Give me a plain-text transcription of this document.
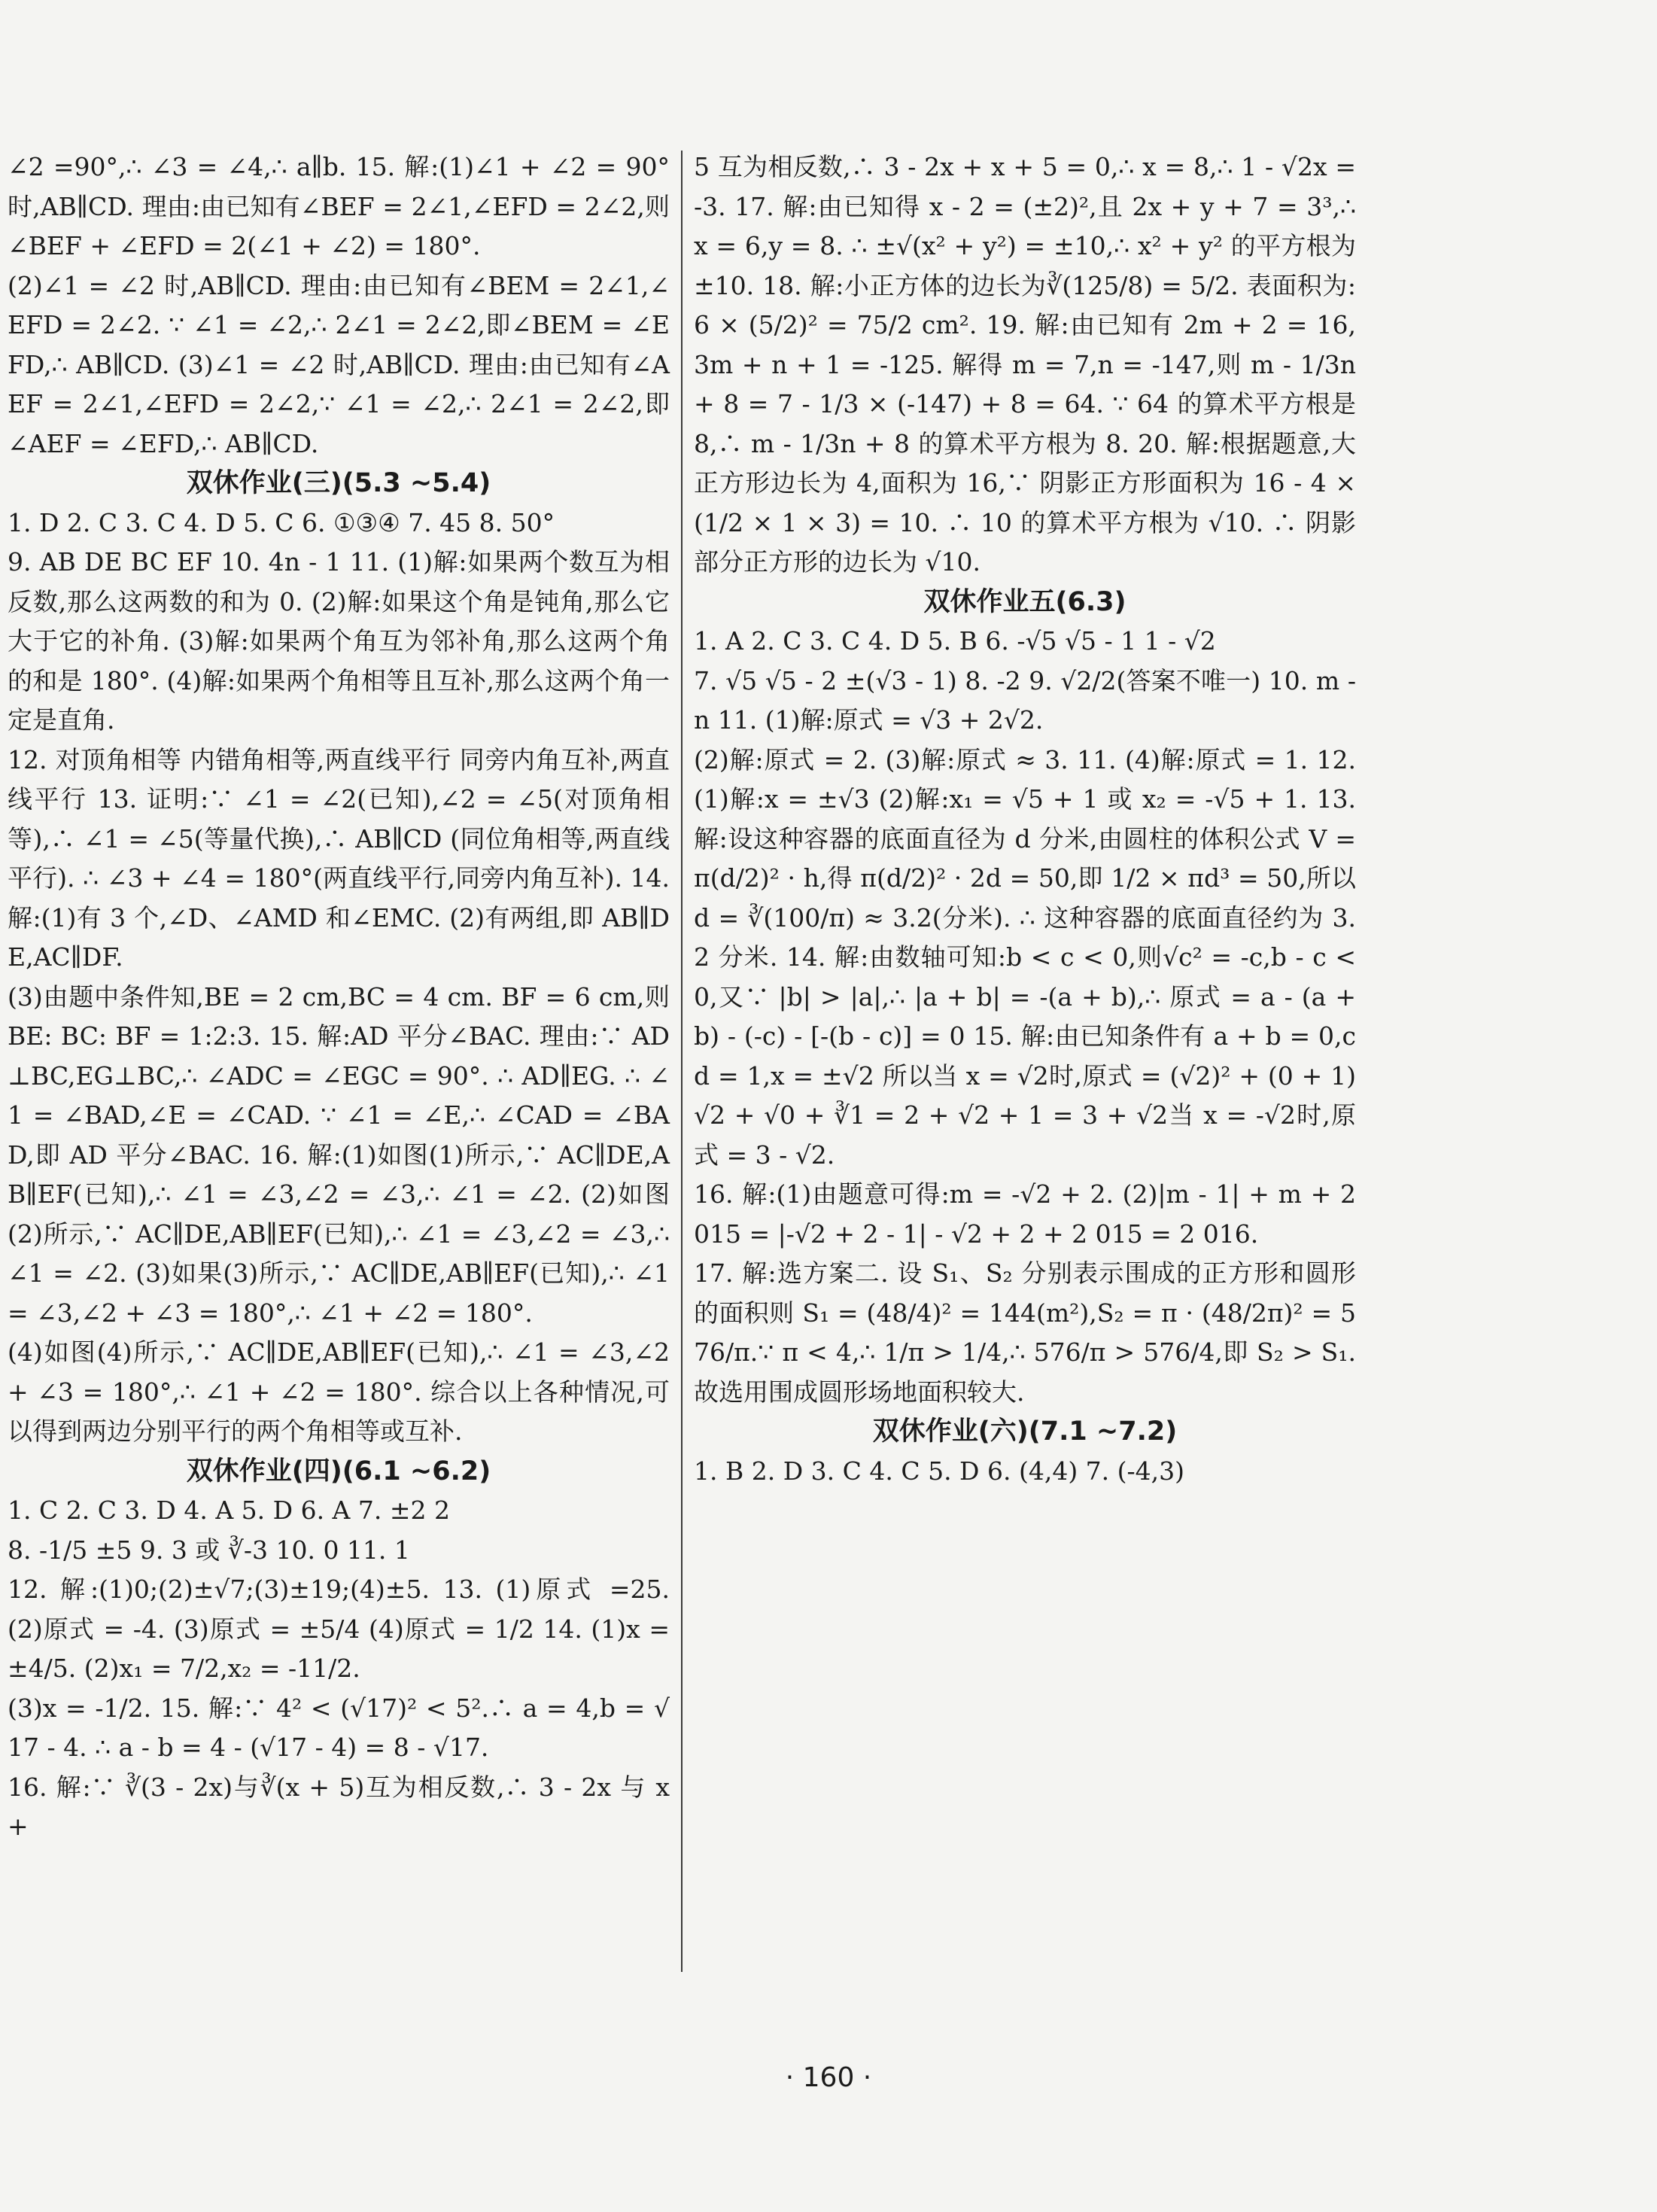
∠2 =90°,∴ ∠3 = ∠4,∴ a∥b. 15. 解:(1)∠1 + ∠2 = 90°时,AB∥CD. 理由:由已知有∠BEF = 2∠1,∠EFD = 2∠2,则∠BEF + ∠EFD = 2(∠1 + ∠2) = 180°.

(2)∠1 = ∠2 时,AB∥CD. 理由:由已知有∠BEM = 2∠1,∠EFD = 2∠2. ∵ ∠1 = ∠2,∴ 2∠1 = 2∠2,即∠BEM = ∠EFD,∴ AB∥CD. (3)∠1 = ∠2 时,AB∥CD. 理由:由已知有∠AEF = 2∠1,∠EFD = 2∠2,∵ ∠1 = ∠2,∴ 2∠1 = 2∠2,即∠AEF = ∠EFD,∴ AB∥CD.

双休作业(三)(5.3 ~5.4)

1. D 2. C 3. C 4. D 5. C 6. ①③④ 7. 45 8. 50°

9. AB DE BC EF 10. 4n - 1 11. (1)解:如果两个数互为相反数,那么这两数的和为 0. (2)解:如果这个角是钝角,那么它大于它的补角. (3)解:如果两个角互为邻补角,那么这两个角的和是 180°. (4)解:如果两个角相等且互补,那么这两个角一定是直角.

12. 对顶角相等 内错角相等,两直线平行 同旁内角互补,两直线平行 13. 证明:∵ ∠1 = ∠2(已知),∠2 = ∠5(对顶角相等),∴ ∠1 = ∠5(等量代换),∴ AB∥CD (同位角相等,两直线平行). ∴ ∠3 + ∠4 = 180°(两直线平行,同旁内角互补). 14. 解:(1)有 3 个,∠D、∠AMD 和∠EMC. (2)有两组,即 AB∥DE,AC∥DF.

(3)由题中条件知,BE = 2 cm,BC = 4 cm. BF = 6 cm,则 BE: BC: BF = 1:2:3. 15. 解:AD 平分∠BAC. 理由:∵ AD⊥BC,EG⊥BC,∴ ∠ADC = ∠EGC = 90°. ∴ AD∥EG. ∴ ∠1 = ∠BAD,∠E = ∠CAD. ∵ ∠1 = ∠E,∴ ∠CAD = ∠BAD,即 AD 平分∠BAC. 16. 解:(1)如图(1)所示,∵ AC∥DE,AB∥EF(已知),∴ ∠1 = ∠3,∠2 = ∠3,∴ ∠1 = ∠2. (2)如图(2)所示,∵ AC∥DE,AB∥EF(已知),∴ ∠1 = ∠3,∠2 = ∠3,∴ ∠1 = ∠2. (3)如果(3)所示,∵ AC∥DE,AB∥EF(已知),∴ ∠1 = ∠3,∠2 + ∠3 = 180°,∴ ∠1 + ∠2 = 180°.

(4)如图(4)所示,∵ AC∥DE,AB∥EF(已知),∴ ∠1 = ∠3,∠2 + ∠3 = 180°,∴ ∠1 + ∠2 = 180°. 综合以上各种情况,可以得到两边分别平行的两个角相等或互补.

双休作业(四)(6.1 ~6.2)

1. C 2. C 3. D 4. A 5. D 6. A 7. ±2 2

8. -1/5 ±5 9. 3 或 ∛-3 10. 0 11. 1

12. 解:(1)0;(2)±√7;(3)±19;(4)±5. 13. (1)原式 =25. (2)原式 = -4. (3)原式 = ±5/4 (4)原式 = 1/2 14. (1)x = ±4/5. (2)x₁ = 7/2,x₂ = -11/2.

(3)x = -1/2. 15. 解:∵ 4² < (√17)² < 5².∴ a = 4,b = √17 - 4. ∴ a - b = 4 - (√17 - 4) = 8 - √17.

16. 解:∵ ∛(3 - 2x)与∛(x + 5)互为相反数,∴ 3 - 2x 与 x +

5 互为相反数,∴ 3 - 2x + x + 5 = 0,∴ x = 8,∴ 1 - √2x = -3. 17. 解:由已知得 x - 2 = (±2)²,且 2x + y + 7 = 3³,∴ x = 6,y = 8. ∴ ±√(x² + y²) = ±10,∴ x² + y² 的平方根为±10. 18. 解:小正方体的边长为∛(125/8) = 5/2. 表面积为:6 × (5/2)² = 75/2 cm². 19. 解:由已知有 2m + 2 = 16, 3m + n + 1 = -125. 解得 m = 7,n = -147,则 m - 1/3n + 8 = 7 - 1/3 × (-147) + 8 = 64. ∵ 64 的算术平方根是 8,∴ m - 1/3n + 8 的算术平方根为 8. 20. 解:根据题意,大正方形边长为 4,面积为 16,∵ 阴影正方形面积为 16 - 4 × (1/2 × 1 × 3) = 10. ∴ 10 的算术平方根为 √10. ∴ 阴影部分正方形的边长为 √10.

双休作业五(6.3)

1. A 2. C 3. C 4. D 5. B 6. -√5 √5 - 1 1 - √2

7. √5 √5 - 2 ±(√3 - 1) 8. -2 9. √2/2(答案不唯一) 10. m - n 11. (1)解:原式 = √3 + 2√2.

(2)解:原式 = 2. (3)解:原式 ≈ 3. 11. (4)解:原式 = 1. 12. (1)解:x = ±√3 (2)解:x₁ = √5 + 1 或 x₂ = -√5 + 1. 13. 解:设这种容器的底面直径为 d 分米,由圆柱的体积公式 V = π(d/2)² · h,得 π(d/2)² · 2d = 50,即 1/2 × πd³ = 50,所以 d = ∛(100/π) ≈ 3.2(分米). ∴ 这种容器的底面直径约为 3.2 分米. 14. 解:由数轴可知:b < c < 0,则√c² = -c,b - c < 0,又∵ |b| > |a|,∴ |a + b| = -(a + b),∴ 原式 = a - (a + b) - (-c) - [-(b - c)] = 0 15. 解:由已知条件有 a + b = 0,cd = 1,x = ±√2 所以当 x = √2时,原式 = (√2)² + (0 + 1)√2 + √0 + ∛1 = 2 + √2 + 1 = 3 + √2当 x = -√2时,原式 = 3 - √2.

16. 解:(1)由题意可得:m = -√2 + 2. (2)|m - 1| + m + 2 015 = |-√2 + 2 - 1| - √2 + 2 + 2 015 = 2 016.

17. 解:选方案二. 设 S₁、S₂ 分别表示围成的正方形和圆形的面积则 S₁ = (48/4)² = 144(m²),S₂ = π · (48/2π)² = 576/π.∵ π < 4,∴ 1/π > 1/4,∴ 576/π > 576/4,即 S₂ > S₁. 故选用围成圆形场地面积较大.

双休作业(六)(7.1 ~7.2)

1. B 2. D 3. C 4. C 5. D 6. (4,4) 7. (-4,3)

· 160 ·
